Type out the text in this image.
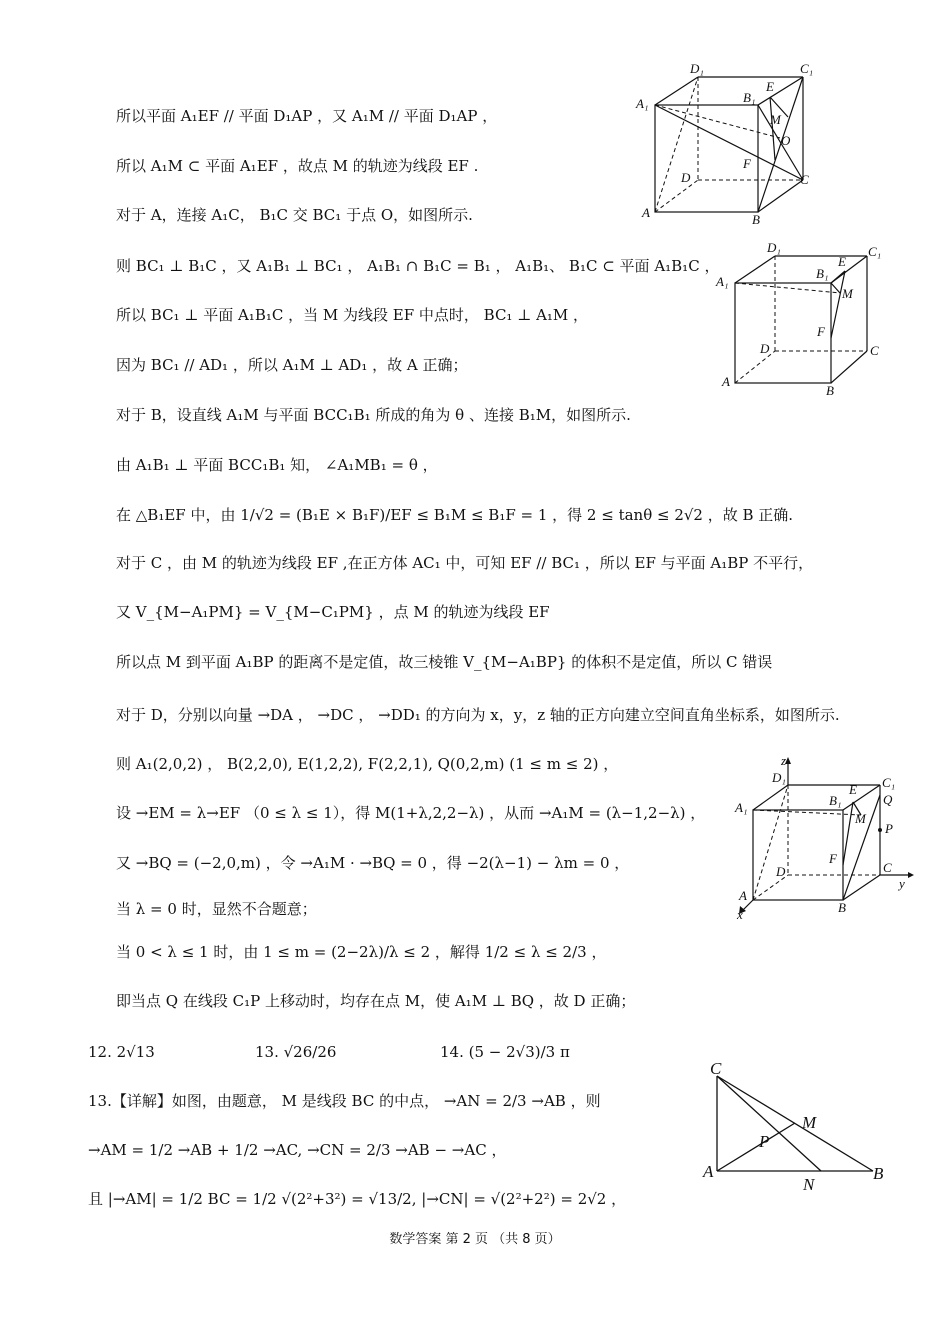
所以平面 A₁EF // 平面 D₁AP ，又 A₁M // 平面 D₁AP ，
所以 A₁M ⊂ 平面 A₁EF ，故点 M 的轨迹为线段 EF .
对于 A，连接 A₁C， B₁C 交 BC₁ 于点 O，如图所示.
则 BC₁ ⊥ B₁C ，又 A₁B₁ ⊥ BC₁ ， A₁B₁ ∩ B₁C = B₁ ， A₁B₁、 B₁C ⊂ 平面 A₁B₁C ，
所以 BC₁ ⊥ 平面 A₁B₁C ，当 M 为线段 EF 中点时， BC₁ ⊥ A₁M ，
因为 BC₁ // AD₁ ，所以 A₁M ⊥ AD₁ ，故 A 正确；
对于 B，设直线 A₁M 与平面 BCC₁B₁ 所成的角为 θ 、连接 B₁M，如图所示.
由 A₁B₁ ⊥ 平面 BCC₁B₁ 知， ∠A₁MB₁ = θ ，
在 △B₁EF 中，由 1/√2 = (B₁E × B₁F)/EF ≤ B₁M ≤ B₁F = 1 ，得 2 ≤ tanθ ≤ 2√2 ，故 B 正确.
对于 C ，由 M 的轨迹为线段 EF ,在正方体 AC₁ 中，可知 EF // BC₁ ，所以 EF 与平面 A₁BP 不平行，
又 V_{M−A₁PM} = V_{M−C₁PM} ，点 M 的轨迹为线段 EF
所以点 M 到平面 A₁BP 的距离不是定值，故三棱锥 V_{M−A₁BP} 的体积不是定值，所以 C 错误
对于 D，分别以向量 →DA ， →DC ， →DD₁ 的方向为 x，y，z 轴的正方向建立空间直角坐标系，如图所示.
则 A₁(2,0,2) ， B(2,2,0), E(1,2,2), F(2,2,1), Q(0,2,m) (1 ≤ m ≤ 2) ，
设 →EM = λ→EF （0 ≤ λ ≤ 1），得 M(1+λ,2,2−λ) ，从而 →A₁M = (λ−1,2−λ) ，
又 →BQ = (−2,0,m) ，令 →A₁M · →BQ = 0 ，得 −2(λ−1) − λm = 0 ，
当 λ = 0 时，显然不合题意；
当 0 < λ ≤ 1 时，由 1 ≤ m = (2−2λ)/λ ≤ 2 ，解得 1/2 ≤ λ ≤ 2/3 ，
即当点 Q 在线段 C₁P 上移动时，均存在点 M，使 A₁M ⊥ BQ ，故 D 正确；
12. 2√13	13. √26/26	14. (5 − 2√3)/3 π
13.【详解】如图，由题意， M 是线段 BC 的中点， →AN = 2/3 →AB ，则
→AM = 1/2 →AB + 1/2 →AC, →CN = 2/3 →AB − →AC ，
且 |→AM| = 1/2 BC = 1/2 √(2²+3²) = √13/2, |→CN| = √(2²+2²) = 2√2 ，
D₁	C₁
A₁	B₁
E
M
O
F
D	C
A	B
D₁	C₁
A₁
B₁
E
M
F
D	C
A
B
z
D₁	C₁
A₁	B₁
E
Q
M
P
F
D	C
y
A
x	B
C
M
P
A
N
B
数学答案 第 2 页 （共 8 页）
